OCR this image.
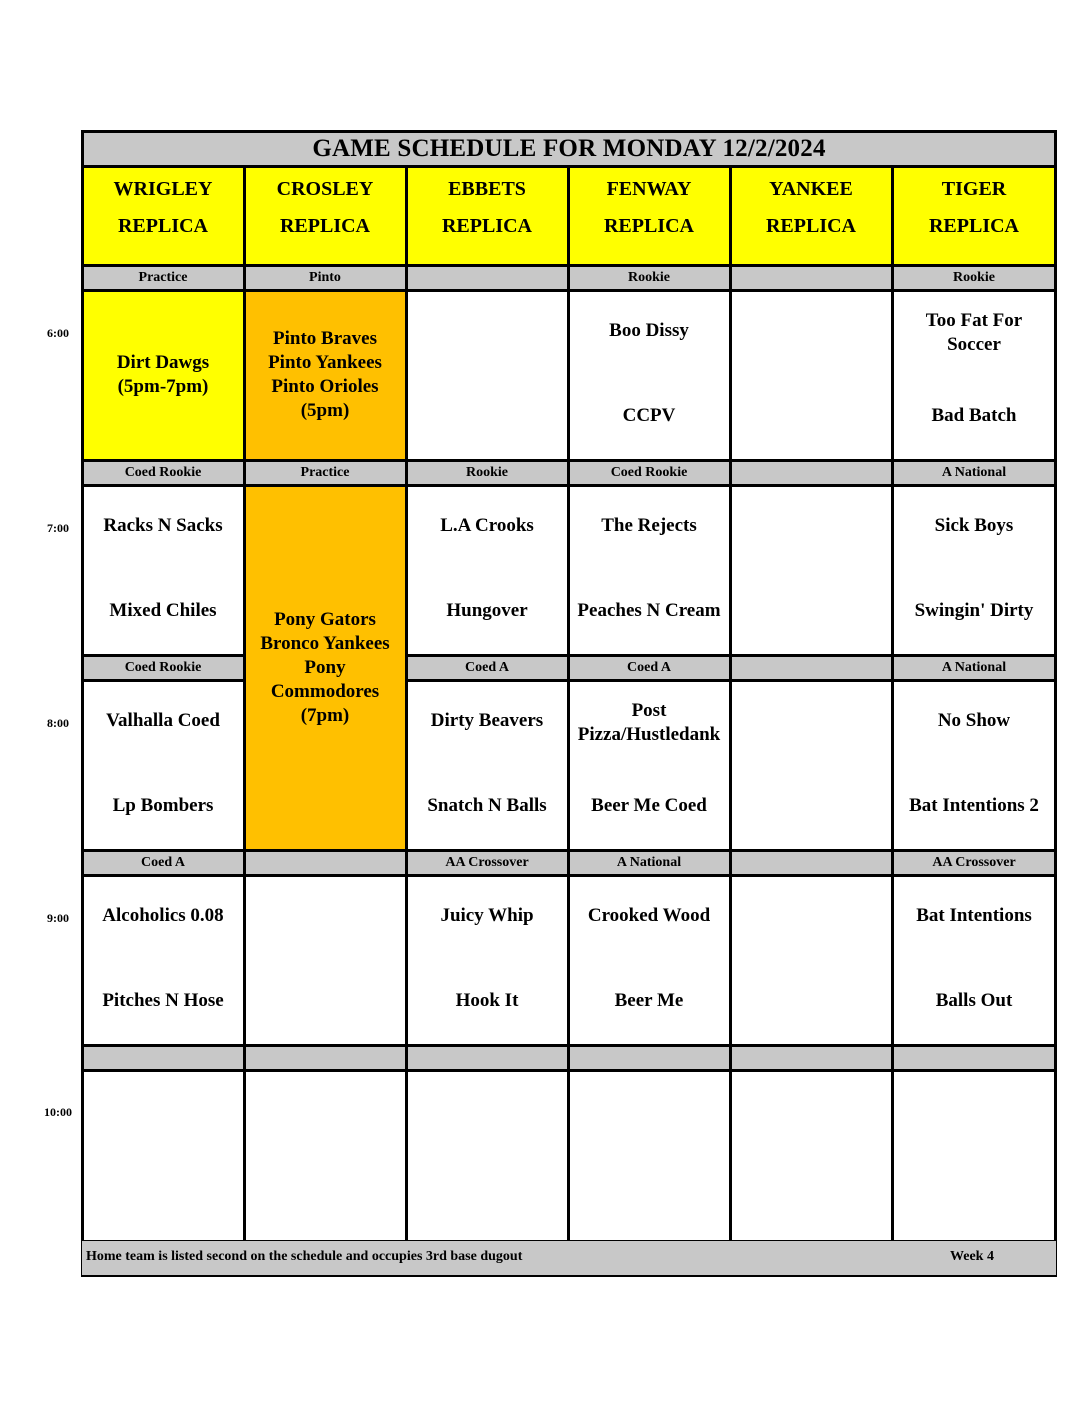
GAME SCHEDULE FOR MONDAY 12/2/2024
WRIGLEY
REPLICA
CROSLEY
REPLICA
EBBETS
REPLICA
FENWAY
REPLICA
YANKEE
REPLICA
TIGER
REPLICA
Practice
Dirt Dawgs
(5pm-7pm)
Pinto
Pinto Braves
Pinto Yankees
Pinto Orioles
(5pm)
Rookie
Boo Dissy
CCPV
Rookie
Too Fat For
Soccer
Bad Batch
Coed Rookie
Racks N Sacks
Mixed Chiles
Practice
Pony Gators
Bronco Yankees
Pony
Commodores
(7pm)
Rookie
L.A Crooks
Hungover
Coed Rookie
The Rejects
Peaches N Cream
A National
Sick Boys
Swingin' Dirty
Coed Rookie
Valhalla Coed
Lp Bombers
Coed A
Dirty Beavers
Snatch N Balls
Coed A
Post
Pizza/Hustledank
Beer Me Coed
A National
No Show
Bat Intentions 2
Coed A
Alcoholics 0.08
Pitches N Hose
AA Crossover
Juicy Whip
Hook It
A National
Crooked Wood
Beer Me
AA Crossover
Bat Intentions
Balls Out
6:00
7:00
8:00
9:00
10:00
Home team is listed second on the schedule and occupies 3rd base dugout	Week 4
